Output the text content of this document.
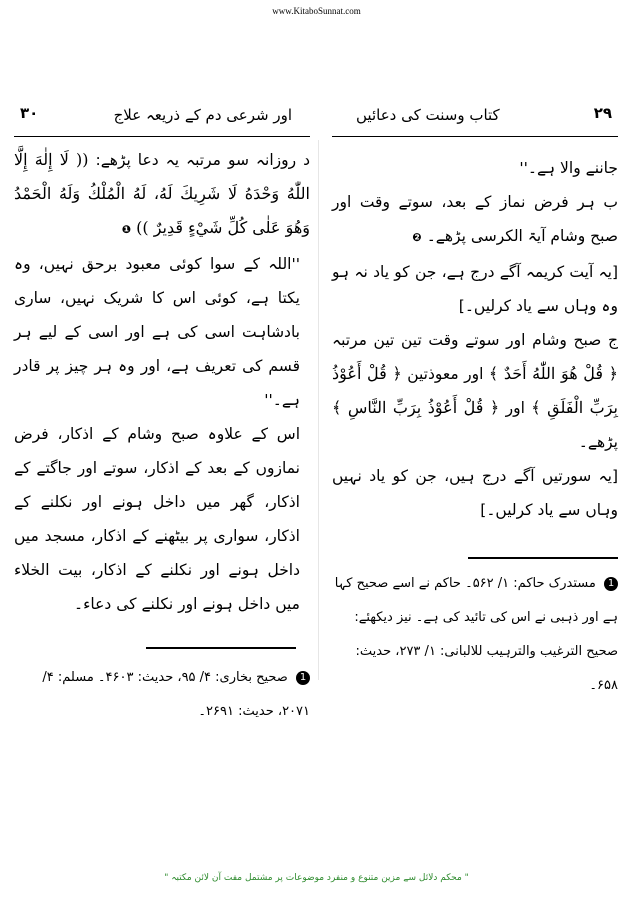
www.KitaboSunnat.com
۲۹
کتاب وسنت کی دعائیں

جاننے والا ہے۔''

ب ہر فرض نماز کے بعد، سوتے وقت اور صبح وشام آیۃ الکرسی پڑھے۔ ❷

[یہ آیت کریمہ آگے درج ہے، جن کو یاد نہ ہو وہ وہاں سے یاد کرلیں۔]

ج صبح وشام اور سوتے وقت تین تین مرتبہ ﴿ قُلْ هُوَ اللّٰهُ أَحَدٌ ﴾ اور معوذتین ﴿ قُلْ أَعُوْذُ بِرَبِّ الْفَلَقِ ﴾ اور ﴿ قُلْ أَعُوْذُ بِرَبِّ النَّاسِ ﴾ پڑھے۔

[یہ سورتیں آگے درج ہیں، جن کو یاد نہیں وہاں سے یاد کرلیں۔]

1 مستدرک حاکم: ۱/ ۵۶۲۔ حاکم نے اسے صحیح کہا ہے اور ذہبی نے اس کی تائید کی ہے۔ نیز دیکھئے: صحیح الترغیب والترہیب للالبانی: ۱/ ۲۷۳، حدیث: ۶۵۸۔

۳۰	اور شرعی دم کے ذریعہ علاج

د روزانہ سو مرتبہ یہ دعا پڑھے: (( لَا إِلٰهَ إِلَّا اللّٰهُ وَحْدَهُ لَا شَرِيكَ لَهُ، لَهُ الْمُلْكُ وَلَهُ الْحَمْدُ وَهُوَ عَلٰى كُلِّ شَيْءٍ قَدِيرٌ )) ❶

''اللہ کے سوا کوئی معبود برحق نہیں، وہ یکتا ہے، کوئی اس کا شریک نہیں، ساری بادشاہت اسی کی ہے اور اسی کے لیے ہر قسم کی تعریف ہے، اور وہ ہر چیز پر قادر ہے۔''

اس کے علاوہ صبح وشام کے اذکار، فرض نمازوں کے بعد کے اذکار، سوتے اور جاگتے کے اذکار، گھر میں داخل ہونے اور نکلنے کے اذکار، سواری پر بیٹھنے کے اذکار، مسجد میں داخل ہونے اور نکلنے کے اذکار، بیت الخلاء میں داخل ہونے اور نکلنے کی دعاء۔

1 صحیح بخاری: ۴/ ۹۵، حدیث: ۴۶۰۳۔ مسلم: ۴/ ۲۰۷۱، حدیث: ۲۶۹۱۔

" محکم دلائل سے مزین متنوع و منفرد موضوعات پر مشتمل مفت آن لائن مکتبہ "
